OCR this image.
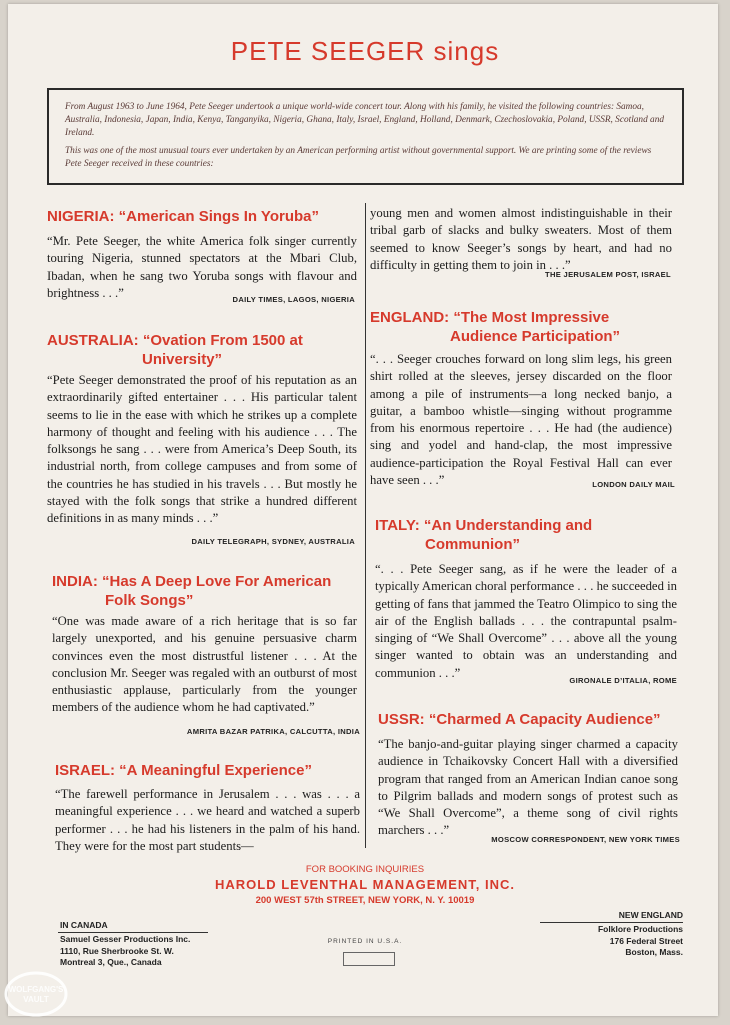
PETE SEEGER sings

From August 1963 to June 1964, Pete Seeger undertook a unique world-wide concert tour. Along with his family, he visited the following countries: Samoa, Australia, Indonesia, Japan, India, Kenya, Tanganyika, Nigeria, Ghana, Italy, Israel, England, Holland, Denmark, Czechoslovakia, Poland, USSR, Scotland and Ireland.

This was one of the most unusual tours ever undertaken by an American performing artist without governmental support. We are printing some of the reviews Pete Seeger received in these countries:

NIGERIA: “American Sings In Yoruba”

“Mr. Pete Seeger, the white America folk singer currently touring Nigeria, stunned spectators at the Mbari Club, Ibadan, when he sang two Yoruba songs with flavour and brightness . . .”	DAILY TIMES, LAGOS, NIGERIA

AUSTRALIA: “Ovation From 1500 at
University”

“Pete Seeger demonstrated the proof of his reputation as an extraordinarily gifted entertainer . . . His particular talent seems to lie in the ease with which he strikes up a complete harmony of thought and feeling with his audience . . . The folksongs he sang . . . were from America’s Deep South, its industrial north, from college campuses and from some of the countries he has studied in his travels . . . But mostly he stayed with the folk songs that strike a hundred different definitions in as many minds . . .”

DAILY TELEGRAPH, SYDNEY, AUSTRALIA

INDIA: “Has A Deep Love For American
Folk Songs”

“One was made aware of a rich heritage that is so far largely unexported, and his genuine persuasive charm convinces even the most distrustful listener . . . At the conclusion Mr. Seeger was regaled with an outburst of most enthusiastic applause, particularly from the younger members of the audience whom he had captivated.”

AMRITA BAZAR PATRIKA, CALCUTTA, INDIA

ISRAEL: “A Meaningful Experience”

“The farewell performance in Jerusalem . . . was . . . a meaningful experience . . . we heard and watched a superb performer . . . he had his listeners in the palm of his hand. They were for the most part students—

young men and women almost indistinguishable in their tribal garb of slacks and bulky sweaters. Most of them seemed to know Seeger’s songs by heart, and had no difficulty in getting them to join in . . .”

THE JERUSALEM POST, ISRAEL

ENGLAND: “The Most Impressive
Audience Participation”

“. . . Seeger crouches forward on long slim legs, his green shirt rolled at the sleeves, jersey discarded on the floor among a pile of instruments—a long necked banjo, a guitar, a bamboo whistle—singing without programme from his enormous repertoire . . . He had (the audience) sing and yodel and hand-clap, the most impressive audience-participation the Royal Festival Hall can ever have seen . . .”	LONDON DAILY MAIL

ITALY: “An Understanding and
Communion”

“. . . Pete Seeger sang, as if he were the leader of a typically American choral performance . . . he succeeded in getting of fans that jammed the Teatro Olimpico to sing the air of the English ballads . . . the contrapuntal psalm-singing of “We Shall Overcome” . . . above all the young singer wanted to obtain was an understanding and communion . . .”

GIRONALE D’ITALIA, ROME

USSR: “Charmed A Capacity Audience”

“The banjo-and-guitar playing singer charmed a capacity audience in Tchaikovsky Concert Hall with a diversified program that ranged from an American Indian canoe song to Pilgrim ballads and modern songs of protest such as “We Shall Overcome”, a theme song of civil rights marchers . . .”

MOSCOW CORRESPONDENT, NEW YORK TIMES

FOR BOOKING INQUIRIES
HAROLD LEVENTHAL MANAGEMENT, INC.
200 WEST 57th STREET, NEW YORK, N. Y. 10019
IN CANADA
Samuel Gesser Productions Inc.
1110, Rue Sherbrooke St. W.
Montreal 3, Que., Canada
PRINTED IN U.S.A.
NEW ENGLAND
Folklore Productions
176 Federal Street
Boston, Mass.
WOLFGANG'S
VAULT
